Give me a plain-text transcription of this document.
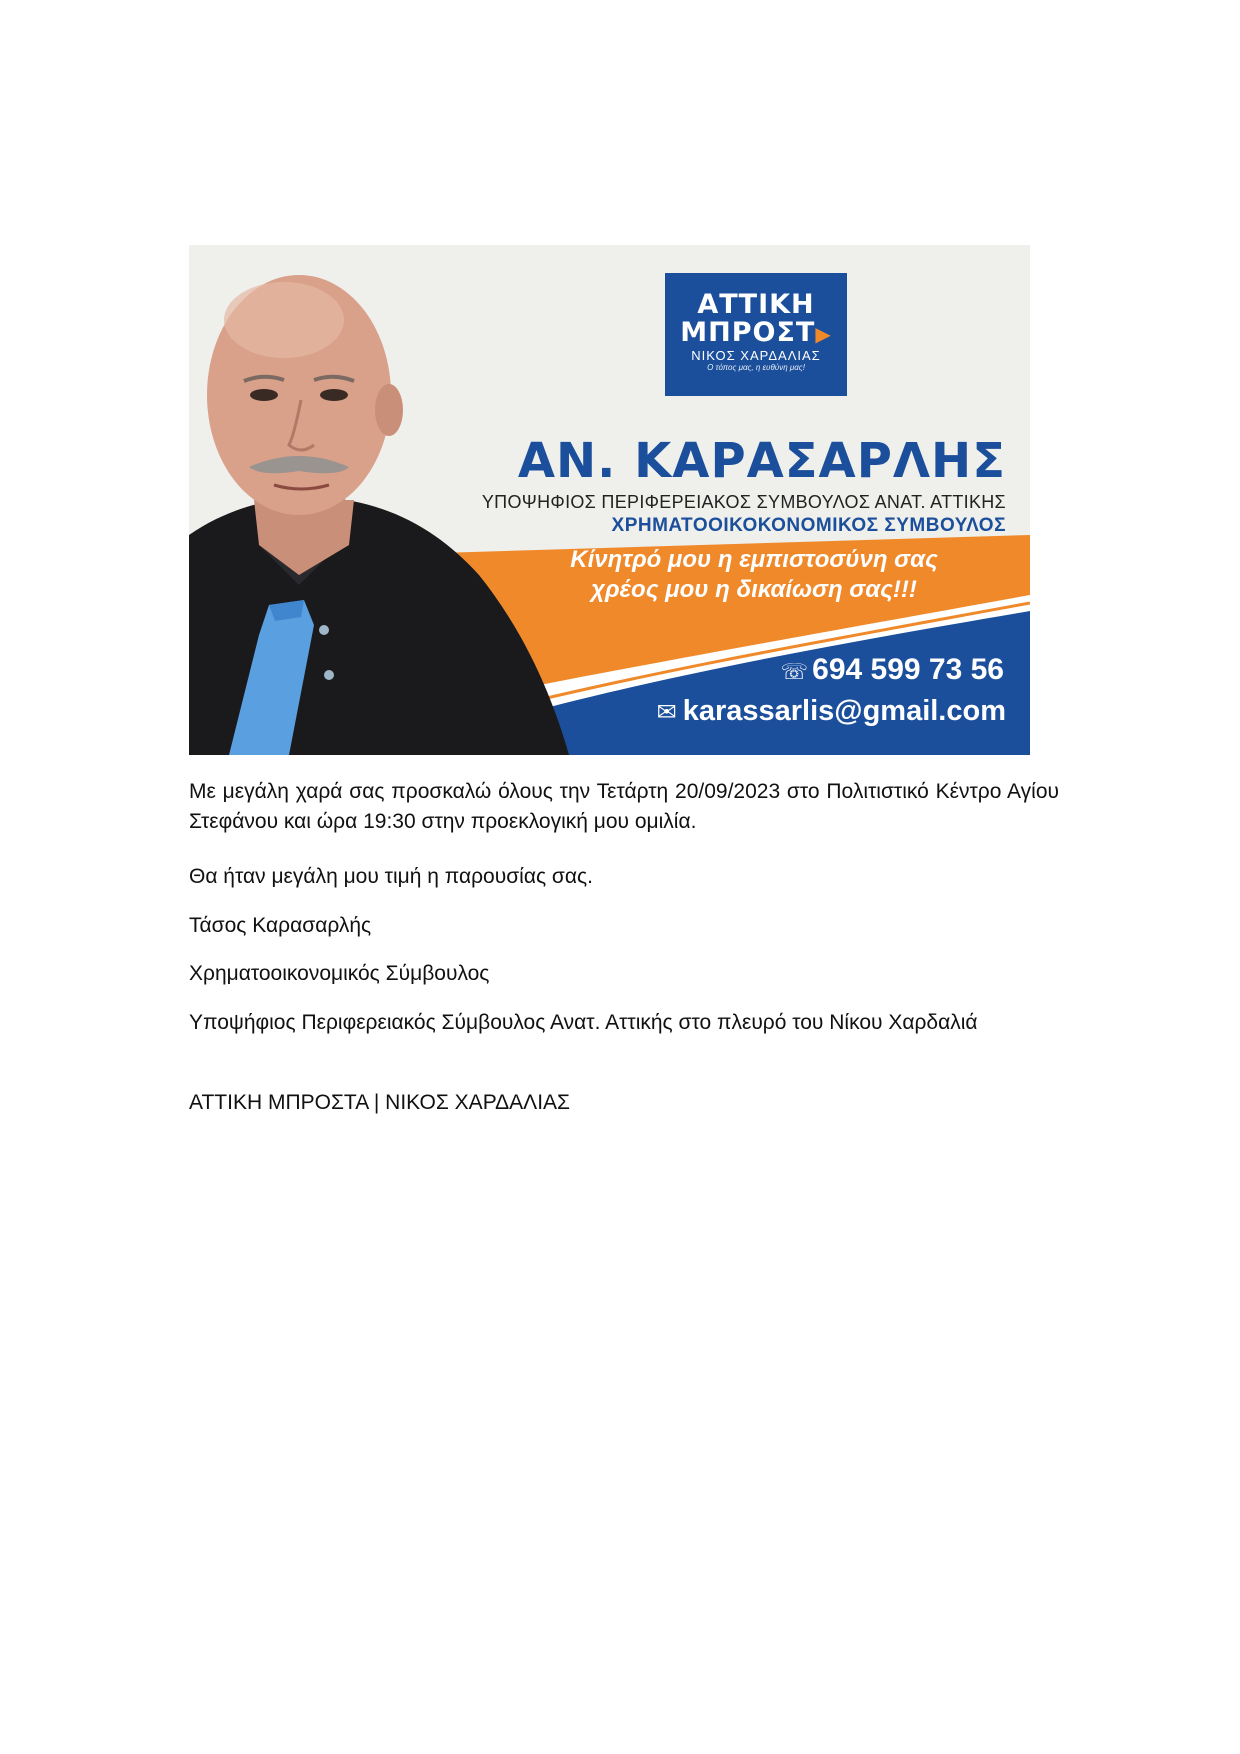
ΑΤΤΙΚΗ
ΜΠΡΟΣΤ▶
ΝΙΚΟΣ ΧΑΡΔΑΛΙΑΣ
Ο τόπος μας, η ευθύνη μας!
ΑΝ. ΚΑΡΑΣΑΡΛΗΣ
ΥΠΟΨΗΦΙΟΣ ΠΕΡΙΦΕΡΕΙΑΚΟΣ ΣΥΜΒΟΥΛΟΣ ΑΝΑΤ. ΑΤΤΙΚΗΣ
ΧΡΗΜΑΤΟΟΙΚΟΚΟΝΟΜΙΚΟΣ ΣΥΜΒΟΥΛΟΣ
Κίνητρό μου η εμπιστοσύνη σας
χρέος μου η δικαίωση σας!!!
☏ 694 599 73 56
✉ karassarlis@gmail.com
Με μεγάλη χαρά σας προσκαλώ όλους την Τετάρτη 20/09/2023 στο Πολιτιστικό Κέντρο Αγίου Στεφάνου και ώρα 19:30 στην προεκλογική μου ομιλία.
Θα ήταν μεγάλη μου τιμή η παρουσίας σας.
Τάσος Καρασαρλής
Χρηματοοικονομικός Σύμβουλος
Υποψήφιος Περιφερειακός Σύμβουλος Ανατ. Αττικής στο πλευρό του Νίκου Χαρδαλιά
ΑΤΤΙΚΗ ΜΠΡΟΣΤΑ | ΝΙΚΟΣ ΧΑΡΔΑΛΙΑΣ
